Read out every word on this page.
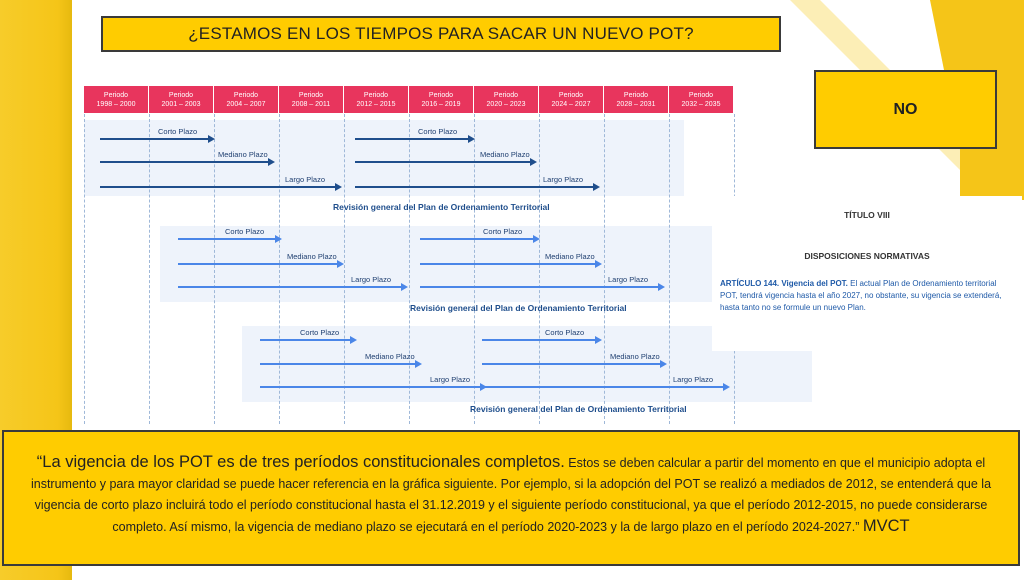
¿ESTAMOS EN LOS TIEMPOS PARA SACAR UN NUEVO POT?
NO
Periodo
1998 – 2000
Periodo
2001 – 2003
Periodo
2004 – 2007
Periodo
2008 – 2011
Periodo
2012 – 2015
Periodo
2016 – 2019
Periodo
2020 – 2023
Periodo
2024 – 2027
Periodo
2028 – 2031
Periodo
2032 – 2035
Corto Plazo	Corto Plazo
Mediano Plazo	Mediano Plazo
Largo Plazo	Largo Plazo
Corto Plazo	Corto Plazo
Mediano Plazo	Mediano Plazo
Largo Plazo	Largo Plazo
Corto Plazo	Corto Plazo
Mediano Plazo	Mediano Plazo
Largo Plazo	Largo Plazo
Revisión general del Plan de Ordenamiento Territorial
Revisión general del Plan de Ordenamiento Territorial
Revisión general del Plan de Ordenamiento Territorial
TÍTULO VIII
DISPOSICIONES NORMATIVAS
ARTÍCULO 144. Vigencia del POT. El actual Plan de Ordenamiento territorial POT, tendrá vigencia hasta el año 2027, no obstante, su vigencia se extenderá, hasta tanto no se formule un nuevo Plan.
“La vigencia de los POT es de tres períodos constitucionales completos. Estos se deben calcular a partir del momento en que el municipio adopta el instrumento y para mayor claridad se puede hacer referencia en la gráfica siguiente. Por ejemplo, si la adopción del POT se realizó a mediados de 2012, se entenderá que la vigencia de corto plazo incluirá todo el período constitucional hasta el 31.12.2019 y el siguiente período constitucional, ya que el período 2012-2015, no puede considerarse completo. Así mismo, la vigencia de mediano plazo se ejecutará en el período 2020-2023 y la de largo plazo en el período 2024-2027.” MVCT
